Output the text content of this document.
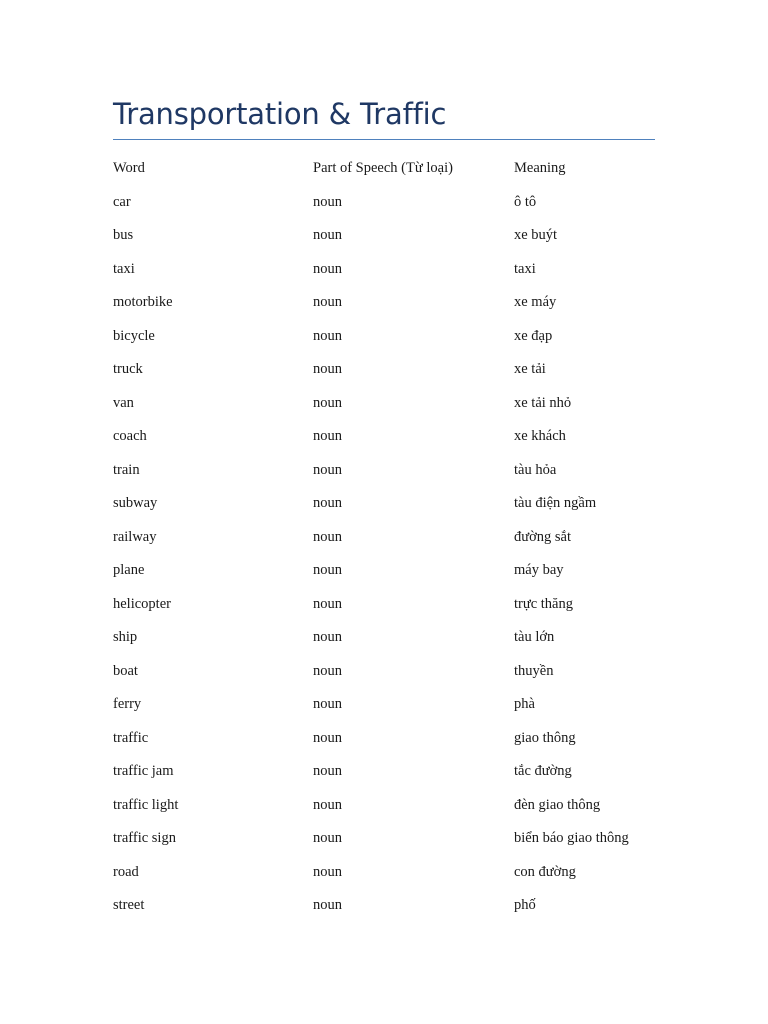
Transportation & Traffic
Word	Part of Speech (Từ loại)	Meaning
car	noun	ô tô
bus	noun	xe buýt
taxi	noun	taxi
motorbike	noun	xe máy
bicycle	noun	xe đạp
truck	noun	xe tải
van	noun	xe tải nhỏ
coach	noun	xe khách
train	noun	tàu hỏa
subway	noun	tàu điện ngầm
railway	noun	đường sắt
plane	noun	máy bay
helicopter	noun	trực thăng
ship	noun	tàu lớn
boat	noun	thuyền
ferry	noun	phà
traffic	noun	giao thông
traffic jam	noun	tắc đường
traffic light	noun	đèn giao thông
traffic sign	noun	biển báo giao thông
road	noun	con đường
street	noun	phố
